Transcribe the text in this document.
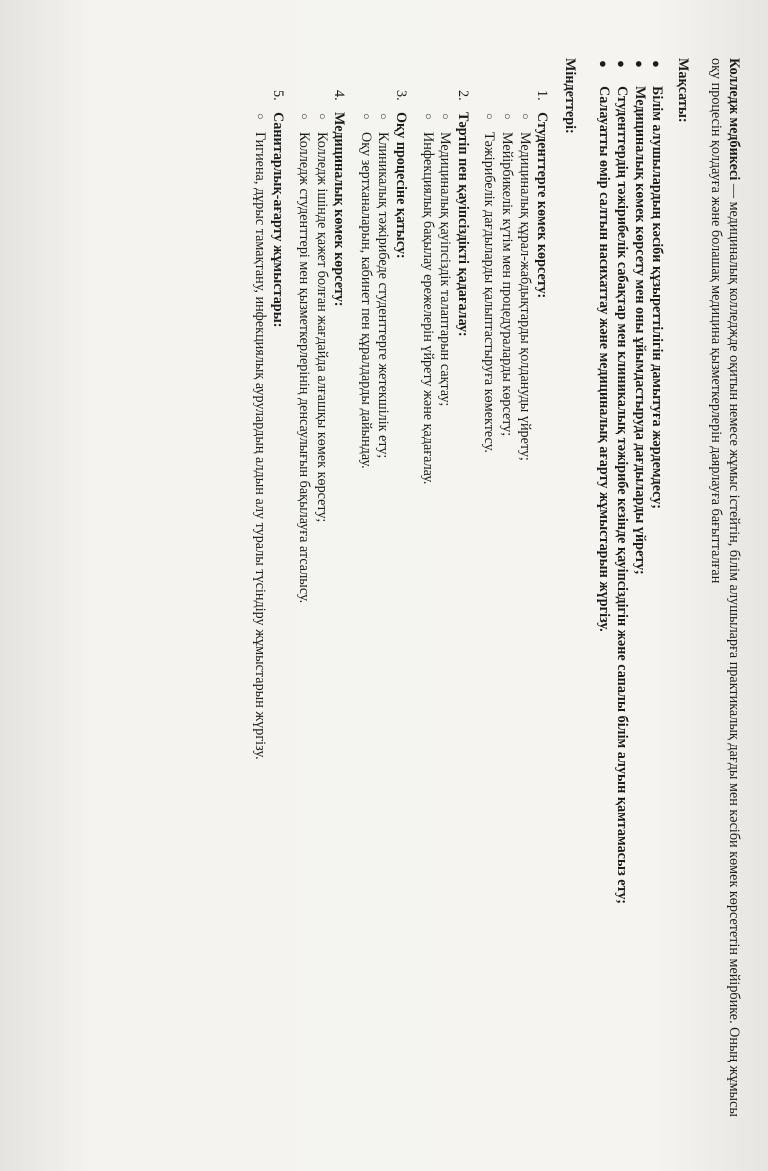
Колледж медбикесі — медициналық колледжде оқитын немесе жұмыс істейтін, білім алушыларға практикалық дағды мен кәсіби көмек көрсететін мейірбике. Оның жұмысы оқу процесін қолдауға және болашақ медицина қызметкерлерін даярлауға бағытталған

Мақсаты:
●
Білім алушылардың кәсіби құзыреттілігін дамытуға жәрдемдесу;
●
Медициналық көмек көрсету мен оны ұйымдастыруда дағдыларды үйрету;
●
Студенттердің тәжірибелік сабақтар мен клиникалық тәжірибе кезінде қауіпсіздігін және сапалы білім алуын қамтамасыз ету;
●
Салауатты өмір салтын насихаттау және медициналық ағарту жұмыстарын жүргізу.
Міндеттері:
1.
Студенттерге көмек көрсету:
○
Медициналық құрал-жабдықтарды қолдануды үйрету;
○
Мейірбикелік күтім мен процедураларды көрсету;
○
Тәжірибелік дағдыларды қалыптастыруға көмектесу.
2.
Тәртіп пен қауіпсіздікті қадағалау:
○
Медициналық қауіпсіздік талаптарын сақтау;
○
Инфекциялық бақылау ережелерін үйрету және қадағалау.
3.
Оқу процесіне қатысу:
○
Клиникалық тәжірибеде студенттерге жетекшілік ету;
○
Оқу зертханаларын, кабинет пен құралдарды дайындау.
4.
Медициналық көмек көрсету:
○
Колледж ішінде қажет болған жағдайда алғашқы көмек көрсету;
○
Колледж студенттері мен қызметкерлерінің денсаулығын бақылауға атсалысу.
5.
Санитарлық-ағарту жұмыстары:
○
Гигиена, дұрыс тамақтану, инфекциялық аурулардың алдын алу туралы түсіндіру жұмыстарын жүргізу.
